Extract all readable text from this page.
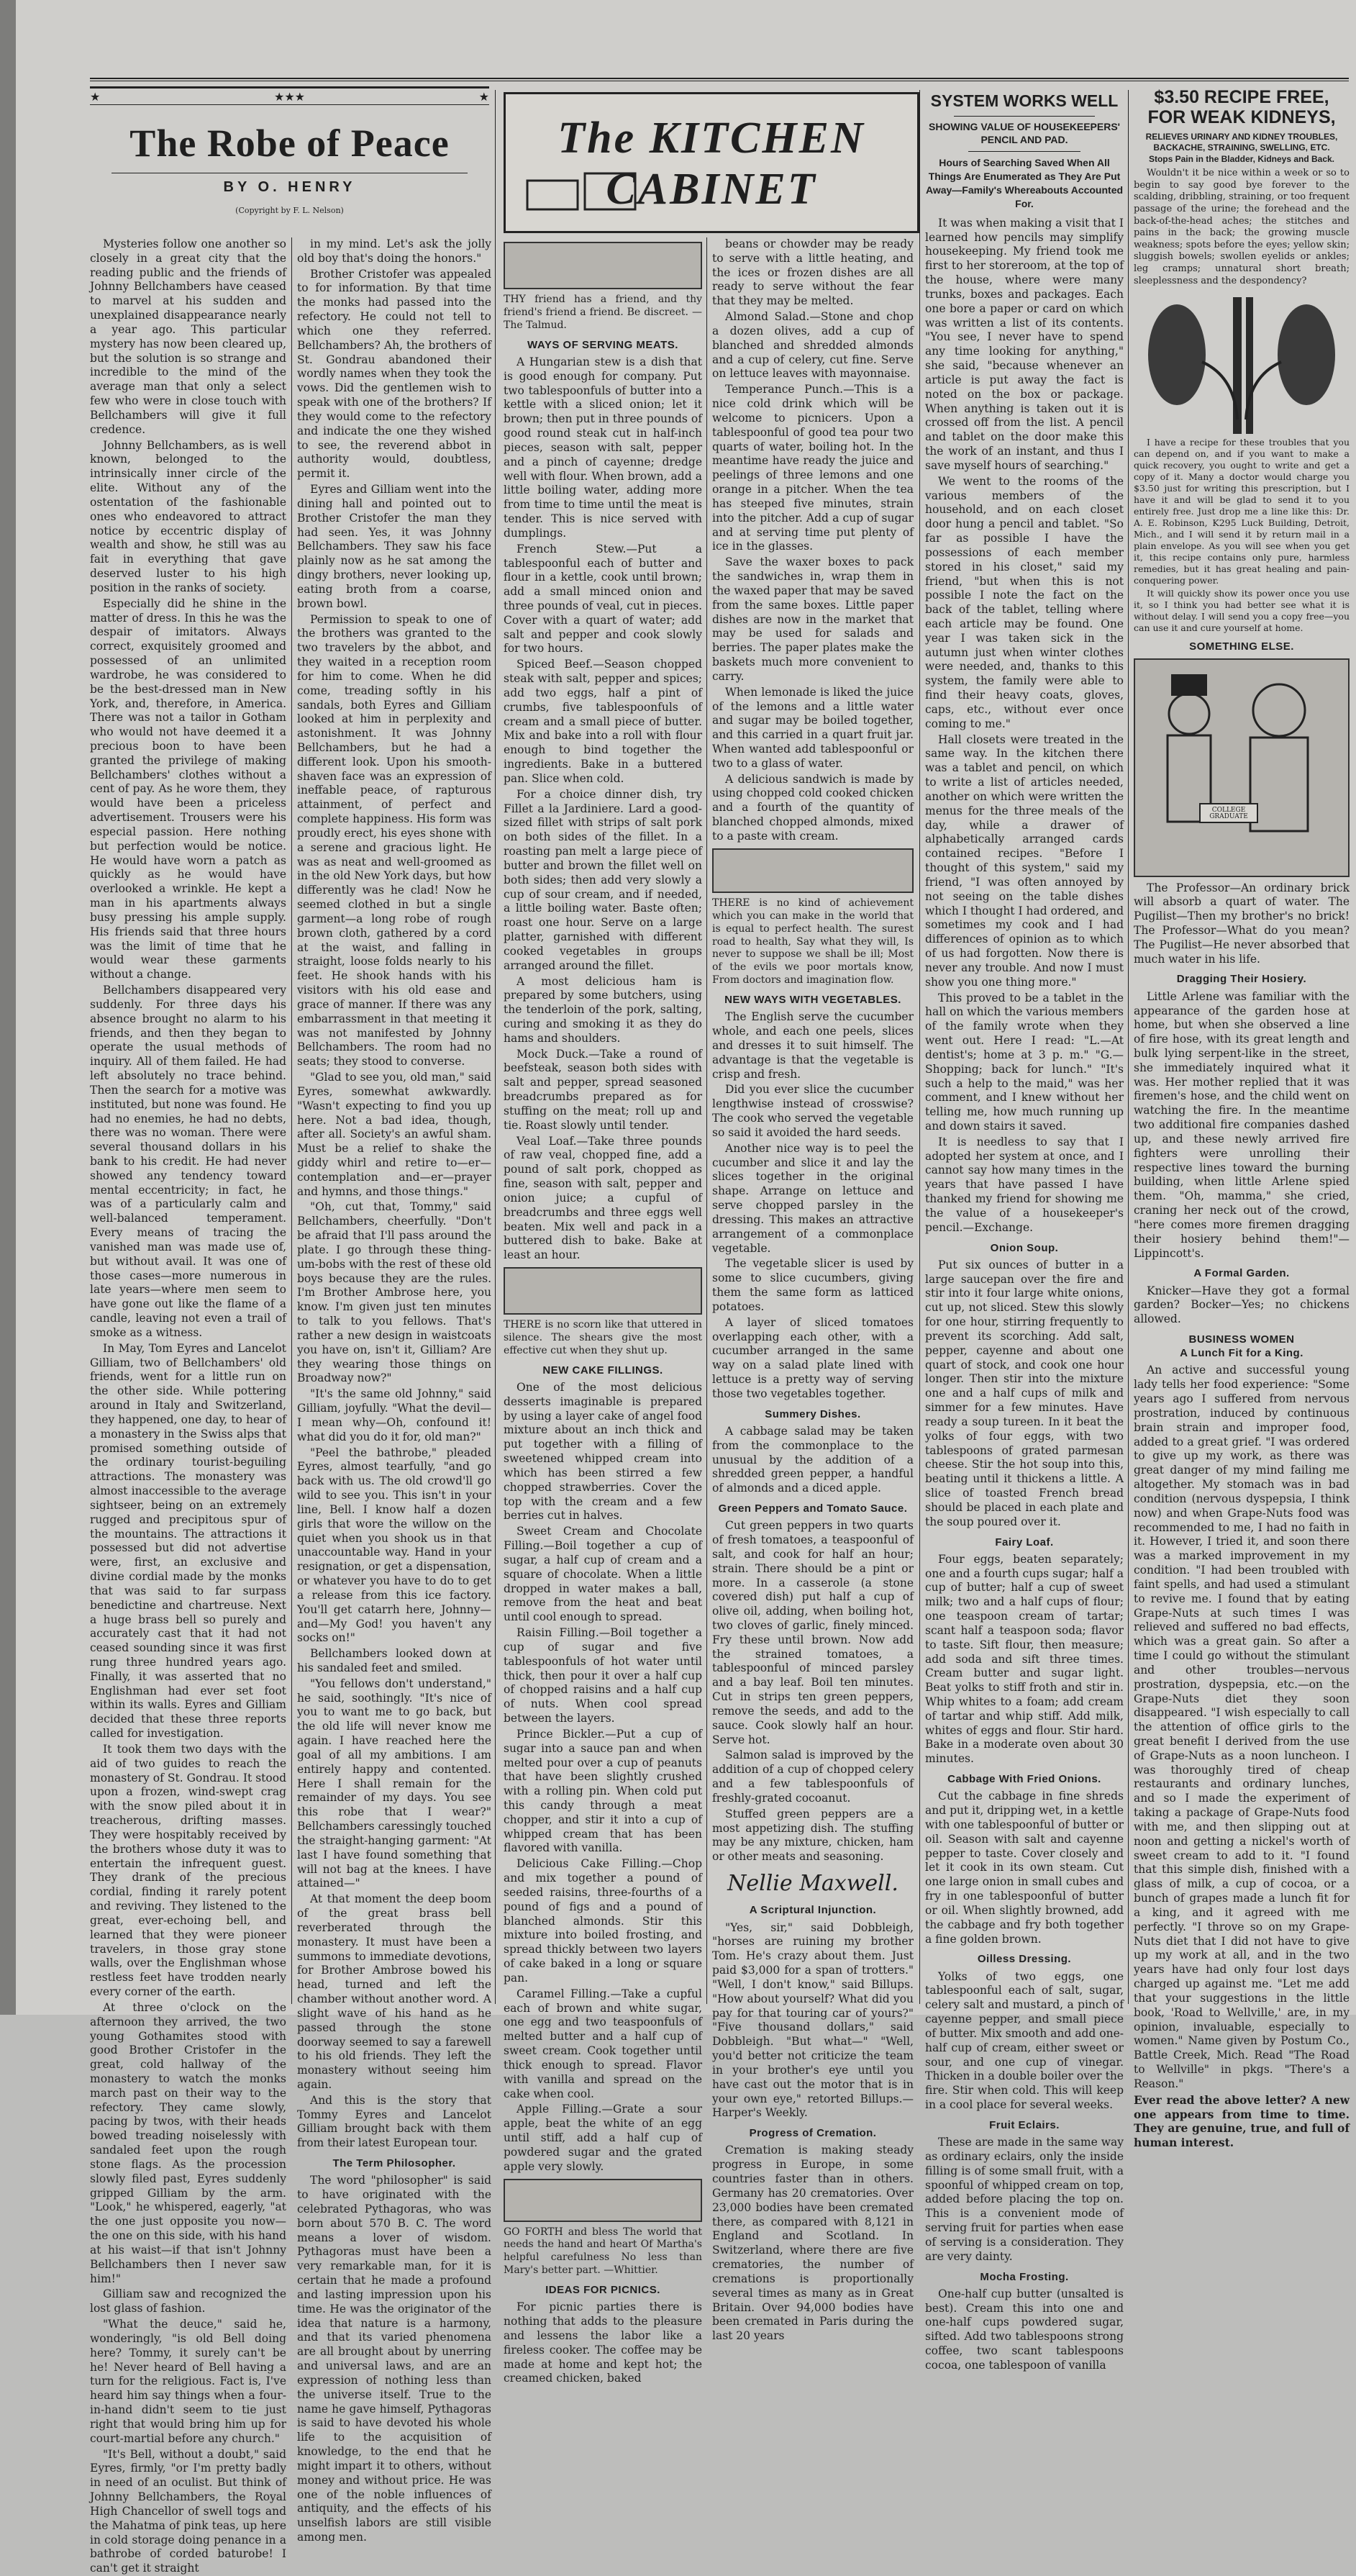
★	★★★	★
The Robe of Peace
BY O. HENRY
(Copyright by F. L. Nelson)

Mysteries follow one another so closely in a great city that the reading public and the friends of Johnny Bellchambers have ceased to marvel at his sudden and unexplained disappearance nearly a year ago. This particular mystery has now been cleared up, but the solution is so strange and incredible to the mind of the average man that only a select few who were in close touch with Bellchambers will give it full credence.

Johnny Bellchambers, as is well known, belonged to the intrinsically inner circle of the elite. Without any of the ostentation of the fashionable ones who endeavored to attract notice by eccentric display of wealth and show, he still was au fait in everything that gave deserved luster to his high position in the ranks of society.

Especially did he shine in the matter of dress. In this he was the despair of imitators. Always correct, exquisitely groomed and possessed of an unlimited wardrobe, he was considered to be the best-dressed man in New York, and, therefore, in America. There was not a tailor in Gotham who would not have deemed it a precious boon to have been granted the privilege of making Bellchambers' clothes without a cent of pay. As he wore them, they would have been a priceless advertisement. Trousers were his especial passion. Here nothing but perfection would be notice. He would have worn a patch as quickly as he would have overlooked a wrinkle. He kept a man in his apartments always busy pressing his ample supply. His friends said that three hours was the limit of time that he would wear these garments without a change.

Bellchambers disappeared very suddenly. For three days his absence brought no alarm to his friends, and then they began to operate the usual methods of inquiry. All of them failed. He had left absolutely no trace behind. Then the search for a motive was instituted, but none was found. He had no enemies, he had no debts, there was no woman. There were several thousand dollars in his bank to his credit. He had never showed any tendency toward mental eccentricity; in fact, he was of a particularly calm and well-balanced temperament. Every means of tracing the vanished man was made use of, but without avail. It was one of those cases—more numerous in late years—where men seem to have gone out like the flame of a candle, leaving not even a trail of smoke as a witness.

In May, Tom Eyres and Lancelot Gilliam, two of Bellchambers' old friends, went for a little run on the other side. While pottering around in Italy and Switzerland, they happened, one day, to hear of a monastery in the Swiss alps that promised something outside of the ordinary tourist-beguiling attractions. The monastery was almost inaccessible to the average sightseer, being on an extremely rugged and precipitous spur of the mountains. The attractions it possessed but did not advertise were, first, an exclusive and divine cordial made by the monks that was said to far surpass benedictine and chartreuse. Next a huge brass bell so purely and accurately cast that it had not ceased sounding since it was first rung three hundred years ago. Finally, it was asserted that no Englishman had ever set foot within its walls. Eyres and Gilliam decided that these three reports called for investigation.

It took them two days with the aid of two guides to reach the monastery of St. Gondrau. It stood upon a frozen, wind-swept crag with the snow piled about it in treacherous, drifting masses. They were hospitably received by the brothers whose duty it was to entertain the infrequent guest. They drank of the precious cordial, finding it rarely potent and reviving. They listened to the great, ever-echoing bell, and learned that they were pioneer travelers, in those gray stone walls, over the Englishman whose restless feet have trodden nearly every corner of the earth.

At three o'clock on the afternoon they arrived, the two young Gothamites stood with good Brother Cristofer in the great, cold hallway of the monastery to watch the monks march past on their way to the refectory. They came slowly, pacing by twos, with their heads bowed treading noiselessly with sandaled feet upon the rough stone flags. As the procession slowly filed past, Eyres suddenly gripped Gilliam by the arm. "Look," he whispered, eagerly, "at the one just opposite you now—the one on this side, with his hand at his waist—if that isn't Johnny Bellchambers then I never saw him!"

Gilliam saw and recognized the lost glass of fashion.

"What the deuce," said he, wonderingly, "is old Bell doing here? Tommy, it surely can't be he! Never heard of Bell having a turn for the religious. Fact is, I've heard him say things when a four-in-hand didn't seem to tie just right that would bring him up for court-martial before any church."

"It's Bell, without a doubt," said Eyres, firmly, "or I'm pretty badly in need of an oculist. But think of Johnny Bellchambers, the Royal High Chancellor of swell togs and the Mahatma of pink teas, up here in cold storage doing penance in a bathrobe of corded baturobe! I can't get it straight

in my mind. Let's ask the jolly old boy that's doing the honors."

Brother Cristofer was appealed to for information. By that time the monks had passed into the refectory. He could not tell to which one they referred. Bellchambers? Ah, the brothers of St. Gondrau abandoned their wordly names when they took the vows. Did the gentlemen wish to speak with one of the brothers? If they would come to the refectory and indicate the one they wished to see, the reverend abbot in authority would, doubtless, permit it.

Eyres and Gilliam went into the dining hall and pointed out to Brother Cristofer the man they had seen. Yes, it was Johnny Bellchambers. They saw his face plainly now as he sat among the dingy brothers, never looking up, eating broth from a coarse, brown bowl.

Permission to speak to one of the brothers was granted to the two travelers by the abbot, and they waited in a reception room for him to come. When he did come, treading softly in his sandals, both Eyres and Gilliam looked at him in perplexity and astonishment. It was Johnny Bellchambers, but he had a different look. Upon his smooth-shaven face was an expression of ineffable peace, of rapturous attainment, of perfect and complete happiness. His form was proudly erect, his eyes shone with a serene and gracious light. He was as neat and well-groomed as in the old New York days, but how differently was he clad! Now he seemed clothed in but a single garment—a long robe of rough brown cloth, gathered by a cord at the waist, and falling in straight, loose folds nearly to his feet. He shook hands with his visitors with his old ease and grace of manner. If there was any embarrassment in that meeting it was not manifested by Johnny Bellchambers. The room had no seats; they stood to converse.

"Glad to see you, old man," said Eyres, somewhat awkwardly. "Wasn't expecting to find you up here. Not a bad idea, though, after all. Society's an awful sham. Must be a relief to shake the giddy whirl and retire to—er—contemplation and—er—prayer and hymns, and those things."

"Oh, cut that, Tommy," said Bellchambers, cheerfully. "Don't be afraid that I'll pass around the plate. I go through these thing-um-bobs with the rest of these old boys because they are the rules. I'm Brother Ambrose here, you know. I'm given just ten minutes to talk to you fellows. That's rather a new design in waistcoats you have on, isn't it, Gilliam? Are they wearing those things on Broadway now?"

"It's the same old Johnny," said Gilliam, joyfully. "What the devil—I mean why—Oh, confound it! what did you do it for, old man?"

"Peel the bathrobe," pleaded Eyres, almost tearfully, "and go back with us. The old crowd'll go wild to see you. This isn't in your line, Bell. I know half a dozen girls that wore the willow on the quiet when you shook us in that unaccountable way. Hand in your resignation, or get a dispensation, or whatever you have to do to get a release from this ice factory. You'll get catarrh here, Johnny—and—My God! you haven't any socks on!"

Bellchambers looked down at his sandaled feet and smiled.

"You fellows don't understand," he said, soothingly. "It's nice of you to want me to go back, but the old life will never know me again. I have reached here the goal of all my ambitions. I am entirely happy and contented. Here I shall remain for the remainder of my days. You see this robe that I wear?" Bellchambers caressingly touched the straight-hanging garment: "At last I have found something that will not bag at the knees. I have attained—"

At that moment the deep boom of the great brass bell reverberated through the monastery. It must have been a summons to immediate devotions, for Brother Ambrose bowed his head, turned and left the chamber without another word. A slight wave of his hand as he passed through the stone doorway seemed to say a farewell to his old friends. They left the monastery without seeing him again.

And this is the story that Tommy Eyres and Lancelot Gilliam brought back with them from their latest European tour.

The Term Philosopher.

The word "philosopher" is said to have originated with the celebrated Pythagoras, who was born about 570 B. C. The word means a lover of wisdom. Pythagoras must have been a very remarkable man, for it is certain that he made a profound and lasting impression upon his time. He was the originator of the idea that nature is a harmony, and that its varied phenomena are all brought about by unerring and universal laws, and are an expression of nothing less than the universe itself. True to the name he gave himself, Pythagoras is said to have devoted his whole life to the acquisition of knowledge, to the end that he might impart it to others, without money and without price. He was one of the noble influences of antiquity, and the effects of his unselfish labors are still visible among men.

The KITCHEN CABINET

THY friend has a friend, and thy friend's friend a friend. Be discreet. —The Talmud.

WAYS OF SERVING MEATS.

A Hungarian stew is a dish that is good enough for company. Put two tablespoonfuls of butter into a kettle with a sliced onion; let it brown; then put in three pounds of good round steak cut in half-inch pieces, season with salt, pepper and a pinch of cayenne; dredge well with flour. When brown, add a little boiling water, adding more from time to time until the meat is tender. This is nice served with dumplings.

French Stew.—Put a tablespoonful each of butter and flour in a kettle, cook until brown; add a small minced onion and three pounds of veal, cut in pieces. Cover with a quart of water; add salt and pepper and cook slowly for two hours.

Spiced Beef.—Season chopped steak with salt, pepper and spices; add two eggs, half a pint of crumbs, five tablespoonfuls of cream and a small piece of butter. Mix and bake into a roll with flour enough to bind together the ingredients. Bake in a buttered pan. Slice when cold.

For a choice dinner dish, try Fillet a la Jardiniere. Lard a good-sized fillet with strips of salt pork on both sides of the fillet. In a roasting pan melt a large piece of butter and brown the fillet well on both sides; then add very slowly a cup of sour cream, and if needed, a little boiling water. Baste often; roast one hour. Serve on a large platter, garnished with different cooked vegetables in groups arranged around the fillet.

A most delicious ham is prepared by some butchers, using the tenderloin of the pork, salting, curing and smoking it as they do hams and shoulders.

Mock Duck.—Take a round of beefsteak, season both sides with salt and pepper, spread seasoned breadcrumbs prepared as for stuffing on the meat; roll up and tie. Roast slowly until tender.

Veal Loaf.—Take three pounds of raw veal, chopped fine, add a pound of salt pork, chopped as fine, season with salt, pepper and onion juice; a cupful of breadcrumbs and three eggs well beaten. Mix well and pack in a buttered dish to bake. Bake at least an hour.

THERE is no scorn like that uttered in silence. The shears give the most effective cut when they shut up.

NEW CAKE FILLINGS.

One of the most delicious desserts imaginable is prepared by using a layer cake of angel food mixture about an inch thick and put together with a filling of sweetened whipped cream into which has been stirred a few chopped strawberries. Cover the top with the cream and a few berries cut in halves.

Sweet Cream and Chocolate Filling.—Boil together a cup of sugar, a half cup of cream and a square of chocolate. When a little dropped in water makes a ball, remove from the heat and beat until cool enough to spread.

Raisin Filling.—Boil together a cup of sugar and five tablespoonfuls of hot water until thick, then pour it over a half cup of chopped raisins and a half cup of nuts. When cool spread between the layers.

Prince Bickler.—Put a cup of sugar into a sauce pan and when melted pour over a cup of peanuts that have been slightly crushed with a rolling pin. When cold put this candy through a meat chopper, and stir it into a cup of whipped cream that has been flavored with vanilla.

Delicious Cake Filling.—Chop and mix together a pound of seeded raisins, three-fourths of a pound of figs and a pound of blanched almonds. Stir this mixture into boiled frosting, and spread thickly between two layers of cake baked in a long or square pan.

Caramel Filling.—Take a cupful each of brown and white sugar, one egg and two teaspoonfuls of melted butter and a half cup of sweet cream. Cook together until thick enough to spread. Flavor with vanilla and spread on the cake when cool.

Apple Filling.—Grate a sour apple, beat the white of an egg until stiff, add a half cup of powdered sugar and the grated apple very slowly.

GO FORTH and bless The world that needs the hand and heart Of Martha's helpful carefulness No less than Mary's better part. —Whittier.

IDEAS FOR PICNICS.

For picnic parties there is nothing that adds to the pleasure and lessens the labor like a fireless cooker. The coffee may be made at home and kept hot; the creamed chicken, baked

beans or chowder may be ready to serve with a little heating, and the ices or frozen dishes are all ready to serve without the fear that they may be melted.

Almond Salad.—Stone and chop a dozen olives, add a cup of blanched and shredded almonds and a cup of celery, cut fine. Serve on lettuce leaves with mayonnaise.

Temperance Punch.—This is a nice cold drink which will be welcome to picnicers. Upon a tablespoonful of good tea pour two quarts of water, boiling hot. In the meantime have ready the juice and peelings of three lemons and one orange in a pitcher. When the tea has steeped five minutes, strain into the pitcher. Add a cup of sugar and at serving time put plenty of ice in the glasses.

Save the waxer boxes to pack the sandwiches in, wrap them in the waxed paper that may be saved from the same boxes. Little paper dishes are now in the market that may be used for salads and berries. The paper plates make the baskets much more convenient to carry.

When lemonade is liked the juice of the lemons and a little water and sugar may be boiled together, and this carried in a quart fruit jar. When wanted add tablespoonful or two to a glass of water.

A delicious sandwich is made by using chopped cold cooked chicken and a fourth of the quantity of blanched chopped almonds, mixed to a paste with cream.

THERE is no kind of achievement which you can make in the world that is equal to perfect health. The surest road to health, Say what they will, Is never to suppose we shall be ill; Most of the evils we poor mortals know, From doctors and imagination flow.

NEW WAYS WITH VEGETABLES.

The English serve the cucumber whole, and each one peels, slices and dresses it to suit himself. The advantage is that the vegetable is crisp and fresh.

Did you ever slice the cucumber lengthwise instead of crosswise? The cook who served the vegetable so said it avoided the hard seeds.

Another nice way is to peel the cucumber and slice it and lay the slices together in the original shape. Arrange on lettuce and serve chopped parsley in the dressing. This makes an attractive arrangement of a commonplace vegetable.

The vegetable slicer is used by some to slice cucumbers, giving them the same form as latticed potatoes.

A layer of sliced tomatoes overlapping each other, with a cucumber arranged in the same way on a salad plate lined with lettuce is a pretty way of serving those two vegetables together.

Summery Dishes.

A cabbage salad may be taken from the commonplace to the unusual by the addition of a shredded green pepper, a handful of almonds and a diced apple.

Green Peppers and Tomato Sauce.

Cut green peppers in two quarts of fresh tomatoes, a teaspoonful of salt, and cook for half an hour; strain. There should be a pint or more. In a casserole (a stone covered dish) put half a cup of olive oil, adding, when boiling hot, two cloves of garlic, finely minced. Fry these until brown. Now add the strained tomatoes, a tablespoonful of minced parsley and a bay leaf. Boil ten minutes. Cut in strips ten green peppers, remove the seeds, and add to the sauce. Cook slowly half an hour. Serve hot.

Salmon salad is improved by the addition of a cup of chopped celery and a few tablespoonfuls of freshly-grated cocoanut.

Stuffed green peppers are a most appetizing dish. The stuffing may be any mixture, chicken, ham or other meats and seasoning.

Nellie Maxwell.
A Scriptural Injunction.

"Yes, sir," said Dobbleigh, "horses are ruining my brother Tom. He's crazy about them. Just paid $3,000 for a span of trotters." "Well, I don't know," said Billups. "How about yourself? What did you pay for that touring car of yours?" "Five thousand dollars," said Dobbleigh. "But what—" "Well, you'd better not criticize the team in your brother's eye until you have cast out the motor that is in your own eye," retorted Billups.—Harper's Weekly.

Progress of Cremation.

Cremation is making steady progress in Europe, in some countries faster than in others. Germany has 20 crematories. Over 23,000 bodies have been cremated there, as compared with 8,121 in England and Scotland. In Switzerland, where there are five crematories, the number of cremations is proportionally several times as many as in Great Britain. Over 94,000 bodies have been cremated in Paris during the last 20 years

SYSTEM WORKS WELL
SHOWING VALUE OF HOUSEKEEPERS' PENCIL AND PAD.
Hours of Searching Saved When All Things Are Enumerated as They Are Put Away—Family's Whereabouts Accounted For.

It was when making a visit that I learned how pencils may simplify housekeeping. My friend took me first to her storeroom, at the top of the house, where were many trunks, boxes and packages. Each one bore a paper or card on which was written a list of its contents. "You see, I never have to spend any time looking for anything," she said, "because whenever an article is put away the fact is noted on the box or package. When anything is taken out it is crossed off from the list. A pencil and tablet on the door make this the work of an instant, and thus I save myself hours of searching."

We went to the rooms of the various members of the household, and on each closet door hung a pencil and tablet. "So far as possible I have the possessions of each member stored in his closet," said my friend, "but when this is not possible I note the fact on the back of the tablet, telling where each article may be found. One year I was taken sick in the autumn just when winter clothes were needed, and, thanks to this system, the family were able to find their heavy coats, gloves, caps, etc., without ever once coming to me."

Hall closets were treated in the same way. In the kitchen there was a tablet and pencil, on which to write a list of articles needed, another on which were written the menus for the three meals of the day, while a drawer of alphabetically arranged cards contained recipes. "Before I thought of this system," said my friend, "I was often annoyed by not seeing on the table dishes which I thought I had ordered, and sometimes my cook and I had differences of opinion as to which of us had forgotten. Now there is never any trouble. And now I must show you one thing more."

This proved to be a tablet in the hall on which the various members of the family wrote when they went out. Here I read: "L.—At dentist's; home at 3 p. m." "G.—Shopping; back for lunch." "It's such a help to the maid," was her comment, and I knew without her telling me, how much running up and down stairs it saved.

It is needless to say that I adopted her system at once, and I cannot say how many times in the years that have passed I have thanked my friend for showing me the value of a housekeeper's pencil.—Exchange.

Onion Soup.

Put six ounces of butter in a large saucepan over the fire and stir into it four large white onions, cut up, not sliced. Stew this slowly for one hour, stirring frequently to prevent its scorching. Add salt, pepper, cayenne and about one quart of stock, and cook one hour longer. Then stir into the mixture one and a half cups of milk and simmer for a few minutes. Have ready a soup tureen. In it beat the yolks of four eggs, with two tablespoons of grated parmesan cheese. Stir the hot soup into this, beating until it thickens a little. A slice of toasted French bread should be placed in each plate and the soup poured over it.

Fairy Loaf.

Four eggs, beaten separately; one and a fourth cups sugar; half a cup of butter; half a cup of sweet milk; two and a half cups of flour; one teaspoon cream of tartar; scant half a teaspoon soda; flavor to taste. Sift flour, then measure; add soda and sift three times. Cream butter and sugar light. Beat yolks to stiff froth and stir in. Whip whites to a foam; add cream of tartar and whip stiff. Add milk, whites of eggs and flour. Stir hard. Bake in a moderate oven about 30 minutes.

Cabbage With Fried Onions.

Cut the cabbage in fine shreds and put it, dripping wet, in a kettle with one tablespoonful of butter or oil. Season with salt and cayenne pepper to taste. Cover closely and let it cook in its own steam. Cut one large onion in small cubes and fry in one tablespoonful of butter or oil. When slightly browned, add the cabbage and fry both together a fine golden brown.

Oilless Dressing.

Yolks of two eggs, one tablespoonful each of salt, sugar, celery salt and mustard, a pinch of cayenne pepper, and small piece of butter. Mix smooth and add one-half cup of cream, either sweet or sour, and one cup of vinegar. Thicken in a double boiler over the fire. Stir when cold. This will keep in a cool place for several weeks.

Fruit Eclairs.

These are made in the same way as ordinary eclairs, only the inside filling is of some small fruit, with a spoonful of whipped cream on top, added before placing the top on. This is a convenient mode of serving fruit for parties when ease of serving is a consideration. They are very dainty.

Mocha Frosting.

One-half cup butter (unsalted is best). Cream this into one and one-half cups powdered sugar, sifted. Add two tablespoons strong coffee, two scant tablespoons cocoa, one tablespoon of vanilla

$3.50 RECIPE FREE,
FOR WEAK KIDNEYS,
RELIEVES URINARY AND KIDNEY TROUBLES, BACKACHE, STRAINING, SWELLING, ETC.
Stops Pain in the Bladder, Kidneys and Back.

Wouldn't it be nice within a week or so to begin to say good bye forever to the scalding, dribbling, straining, or too frequent passage of the urine; the forehead and the back-of-the-head aches; the stitches and pains in the back; the growing muscle weakness; spots before the eyes; yellow skin; sluggish bowels; swollen eyelids or ankles; leg cramps; unnatural short breath; sleeplessness and the despondency?

I have a recipe for these troubles that you can depend on, and if you want to make a quick recovery, you ought to write and get a copy of it. Many a doctor would charge you $3.50 just for writing this prescription, but I have it and will be glad to send it to you entirely free. Just drop me a line like this: Dr. A. E. Robinson, K295 Luck Building, Detroit, Mich., and I will send it by return mail in a plain envelope. As you will see when you get it, this recipe contains only pure, harmless remedies, but it has great healing and pain-conquering power.

It will quickly show its power once you use it, so I think you had better see what it is without delay. I will send you a copy free—you can use it and cure yourself at home.

SOMETHING ELSE.
COLLEGE GRADUATE

The Professor—An ordinary brick will absorb a quart of water. The Pugilist—Then my brother's no brick! The Professor—What do you mean? The Pugilist—He never absorbed that much water in his life.

Dragging Their Hosiery.

Little Arlene was familiar with the appearance of the garden hose at home, but when she observed a line of fire hose, with its great length and bulk lying serpent-like in the street, she immediately inquired what it was. Her mother replied that it was firemen's hose, and the child went on watching the fire. In the meantime two additional fire companies dashed up, and these newly arrived fire fighters were unrolling their respective lines toward the burning building, when little Arlene spied them. "Oh, mamma," she cried, craning her neck out of the crowd, "here comes more firemen dragging their hosiery behind them!"—Lippincott's.

A Formal Garden.

Knicker—Have they got a formal garden? Bocker—Yes; no chickens allowed.

BUSINESS WOMEN
A Lunch Fit for a King.

An active and successful young lady tells her food experience: "Some years ago I suffered from nervous prostration, induced by continuous brain strain and improper food, added to a great grief. "I was ordered to give up my work, as there was great danger of my mind failing me altogether. My stomach was in bad condition (nervous dyspepsia, I think now) and when Grape-Nuts food was recommended to me, I had no faith in it. However, I tried it, and soon there was a marked improvement in my condition. "I had been troubled with faint spells, and had used a stimulant to revive me. I found that by eating Grape-Nuts at such times I was relieved and suffered no bad effects, which was a great gain. So after a time I could go without the stimulant and other troubles—nervous prostration, dyspepsia, etc.—on the Grape-Nuts diet they soon disappeared. "I wish especially to call the attention of office girls to the great benefit I derived from the use of Grape-Nuts as a noon luncheon. I was thoroughly tired of cheap restaurants and ordinary lunches, and so I made the experiment of taking a package of Grape-Nuts food with me, and then slipping out at noon and getting a nickel's worth of sweet cream to add to it. "I found that this simple dish, finished with a glass of milk, a cup of cocoa, or a bunch of grapes made a lunch fit for a king, and it agreed with me perfectly. "I throve so on my Grape-Nuts diet that I did not have to give up my work at all, and in the two years have had only four lost days charged up against me. "Let me add that your suggestions in the little book, 'Road to Wellville,' are, in my opinion, invaluable, especially to women." Name given by Postum Co., Battle Creek, Mich. Read "The Road to Wellville" in pkgs. "There's a Reason."

Ever read the above letter? A new one appears from time to time. They are genuine, true, and full of human interest.
